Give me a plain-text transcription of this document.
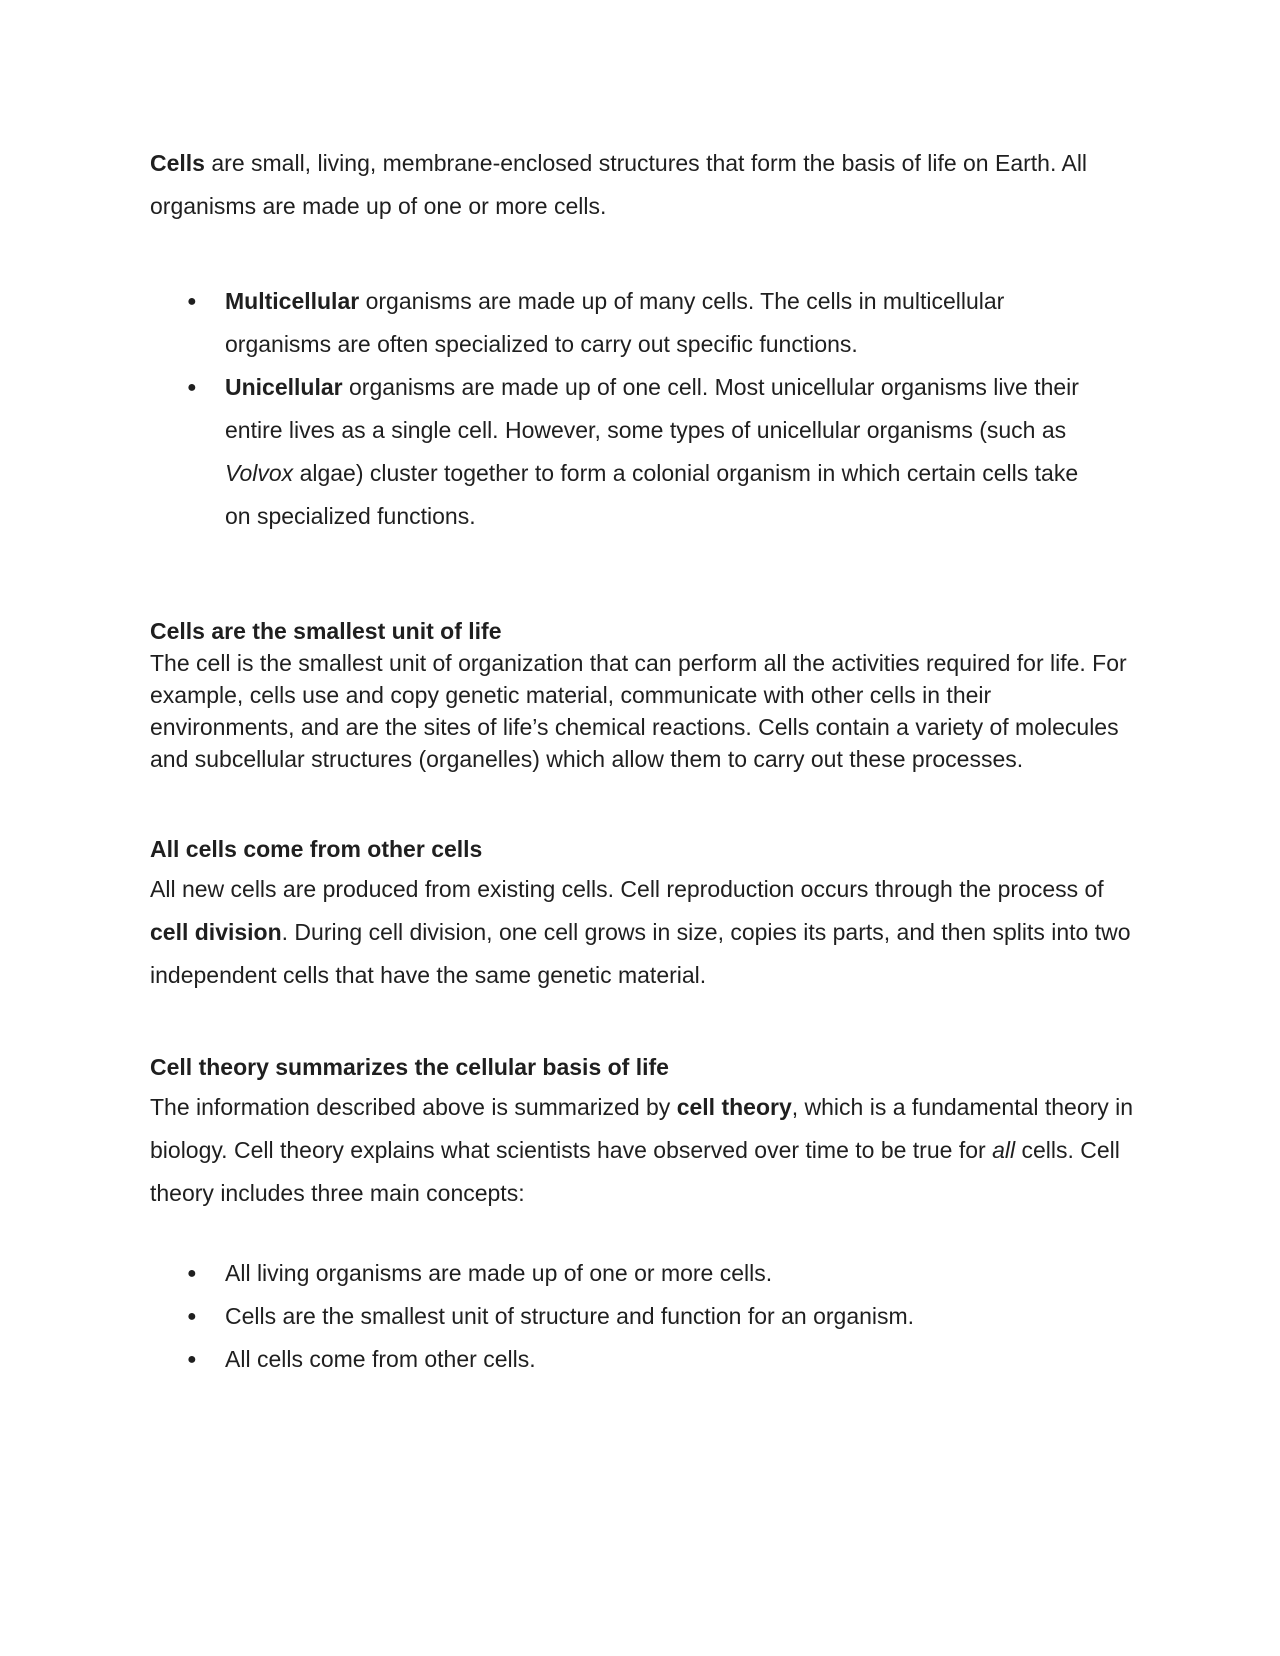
Cells are small, living, membrane-enclosed structures that form the basis of life on Earth. All organisms are made up of one or more cells.

● Multicellular organisms are made up of many cells. The cells in multicellular organisms are often specialized to carry out specific functions.
● Unicellular organisms are made up of one cell. Most unicellular organisms live their entire lives as a single cell. However, some types of unicellular organisms (such as Volvox algae) cluster together to form a colonial organism in which certain cells take on specialized functions.

Cells are the smallest unit of life

The cell is the smallest unit of organization that can perform all the activities required for life. For example, cells use and copy genetic material, communicate with other cells in their environments, and are the sites of life’s chemical reactions. Cells contain a variety of molecules and subcellular structures (organelles) which allow them to carry out these processes.

All cells come from other cells

All new cells are produced from existing cells. Cell reproduction occurs through the process of cell division. During cell division, one cell grows in size, copies its parts, and then splits into two independent cells that have the same genetic material.

Cell theory summarizes the cellular basis of life

The information described above is summarized by cell theory, which is a fundamental theory in biology. Cell theory explains what scientists have observed over time to be true for all cells. Cell theory includes three main concepts:

● All living organisms are made up of one or more cells.
● Cells are the smallest unit of structure and function for an organism.
● All cells come from other cells.
